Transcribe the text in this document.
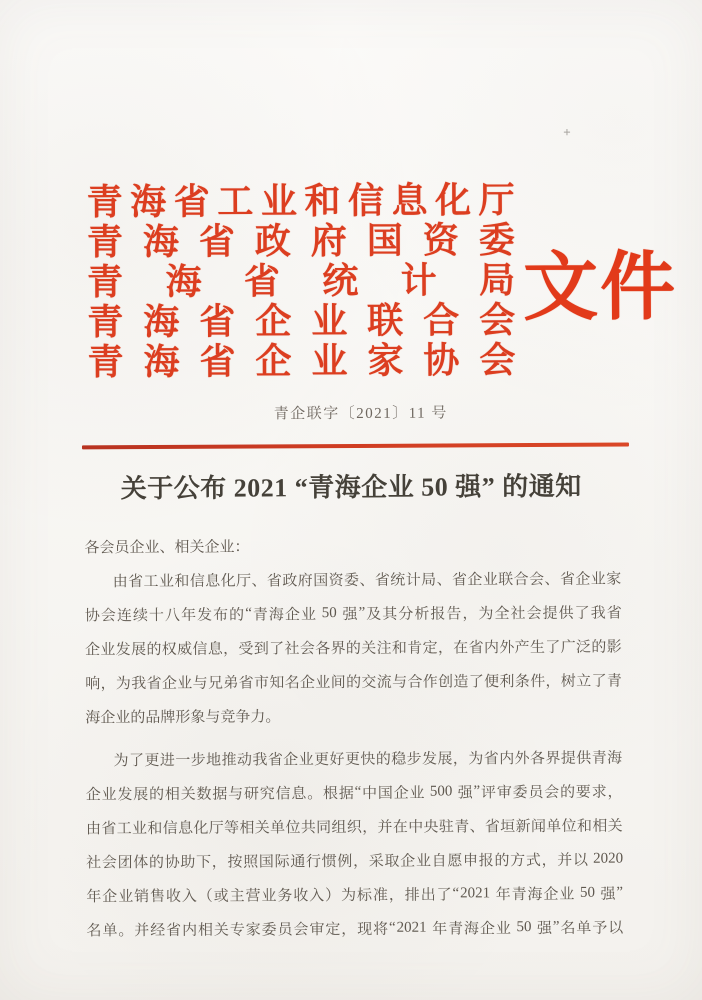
+
青 海 省 工 业 和 信 息 化 厅
青 海 省 政 府 国 资 委
青 海 省 统 计 局
青 海 省 企 业 联 合 会
青 海 省 企 业 家 协 会
文件
青企联字〔2021〕11 号
关于公布 2021 “青海企业 50 强” 的通知
各会员企业、相关企业：
由 省 工 业 和 信 息 化 厅 、 省 政 府 国 资 委 、 省 统 计 局 、 省 企 业 联 合 会 、 省 企 业 家
协 会 连 续 十 八 年 发 布 的 “ 青 海 企 业
50
强 ” 及 其 分 析 报 告 ， 为 全 社 会 提 供 了 我 省
企 业 发 展 的 权 威 信 息 ， 受 到 了 社 会 各 界 的 关 注 和 肯 定 ， 在 省 内 外 产 生 了 广 泛 的 影
响 ， 为 我 省 企 业 与 兄 弟 省 市 知 名 企 业 间 的 交 流 与 合 作 创 造 了 便 利 条 件 ， 树 立 了 青
海企业的品牌形象与竞争力。
为 了 更 进 一 步 地 推 动 我 省 企 业 更 好 更 快 的 稳 步 发 展 ， 为 省 内 外 各 界 提 供 青 海
企 业 发 展 的 相 关 数 据 与 研 究 信 息 。 根 据 “ 中 国 企 业
500
强 ” 评 审 委 员 会 的 要 求 ，
由 省 工 业 和 信 息 化 厅 等 相 关 单 位 共 同 组 织 ， 并 在 中 央 驻 青 、 省 垣 新 闻 单 位 和 相 关
社 会 团 体 的 协 助 下 ， 按 照 国 际 通 行 惯 例 ， 采 取 企 业 自 愿 申 报 的 方 式 ， 并 以
2020
年 企 业 销 售 收 入 （ 或 主 营 业 务 收 入 ） 为 标 准 ， 排 出 了 “ 2021
年 青 海 企 业
50
强 ”
名 单 。 并 经 省 内 相 关 专 家 委 员 会 审 定 ， 现 将 “ 2021
年 青 海 企 业
50
强 ” 名 单 予 以
